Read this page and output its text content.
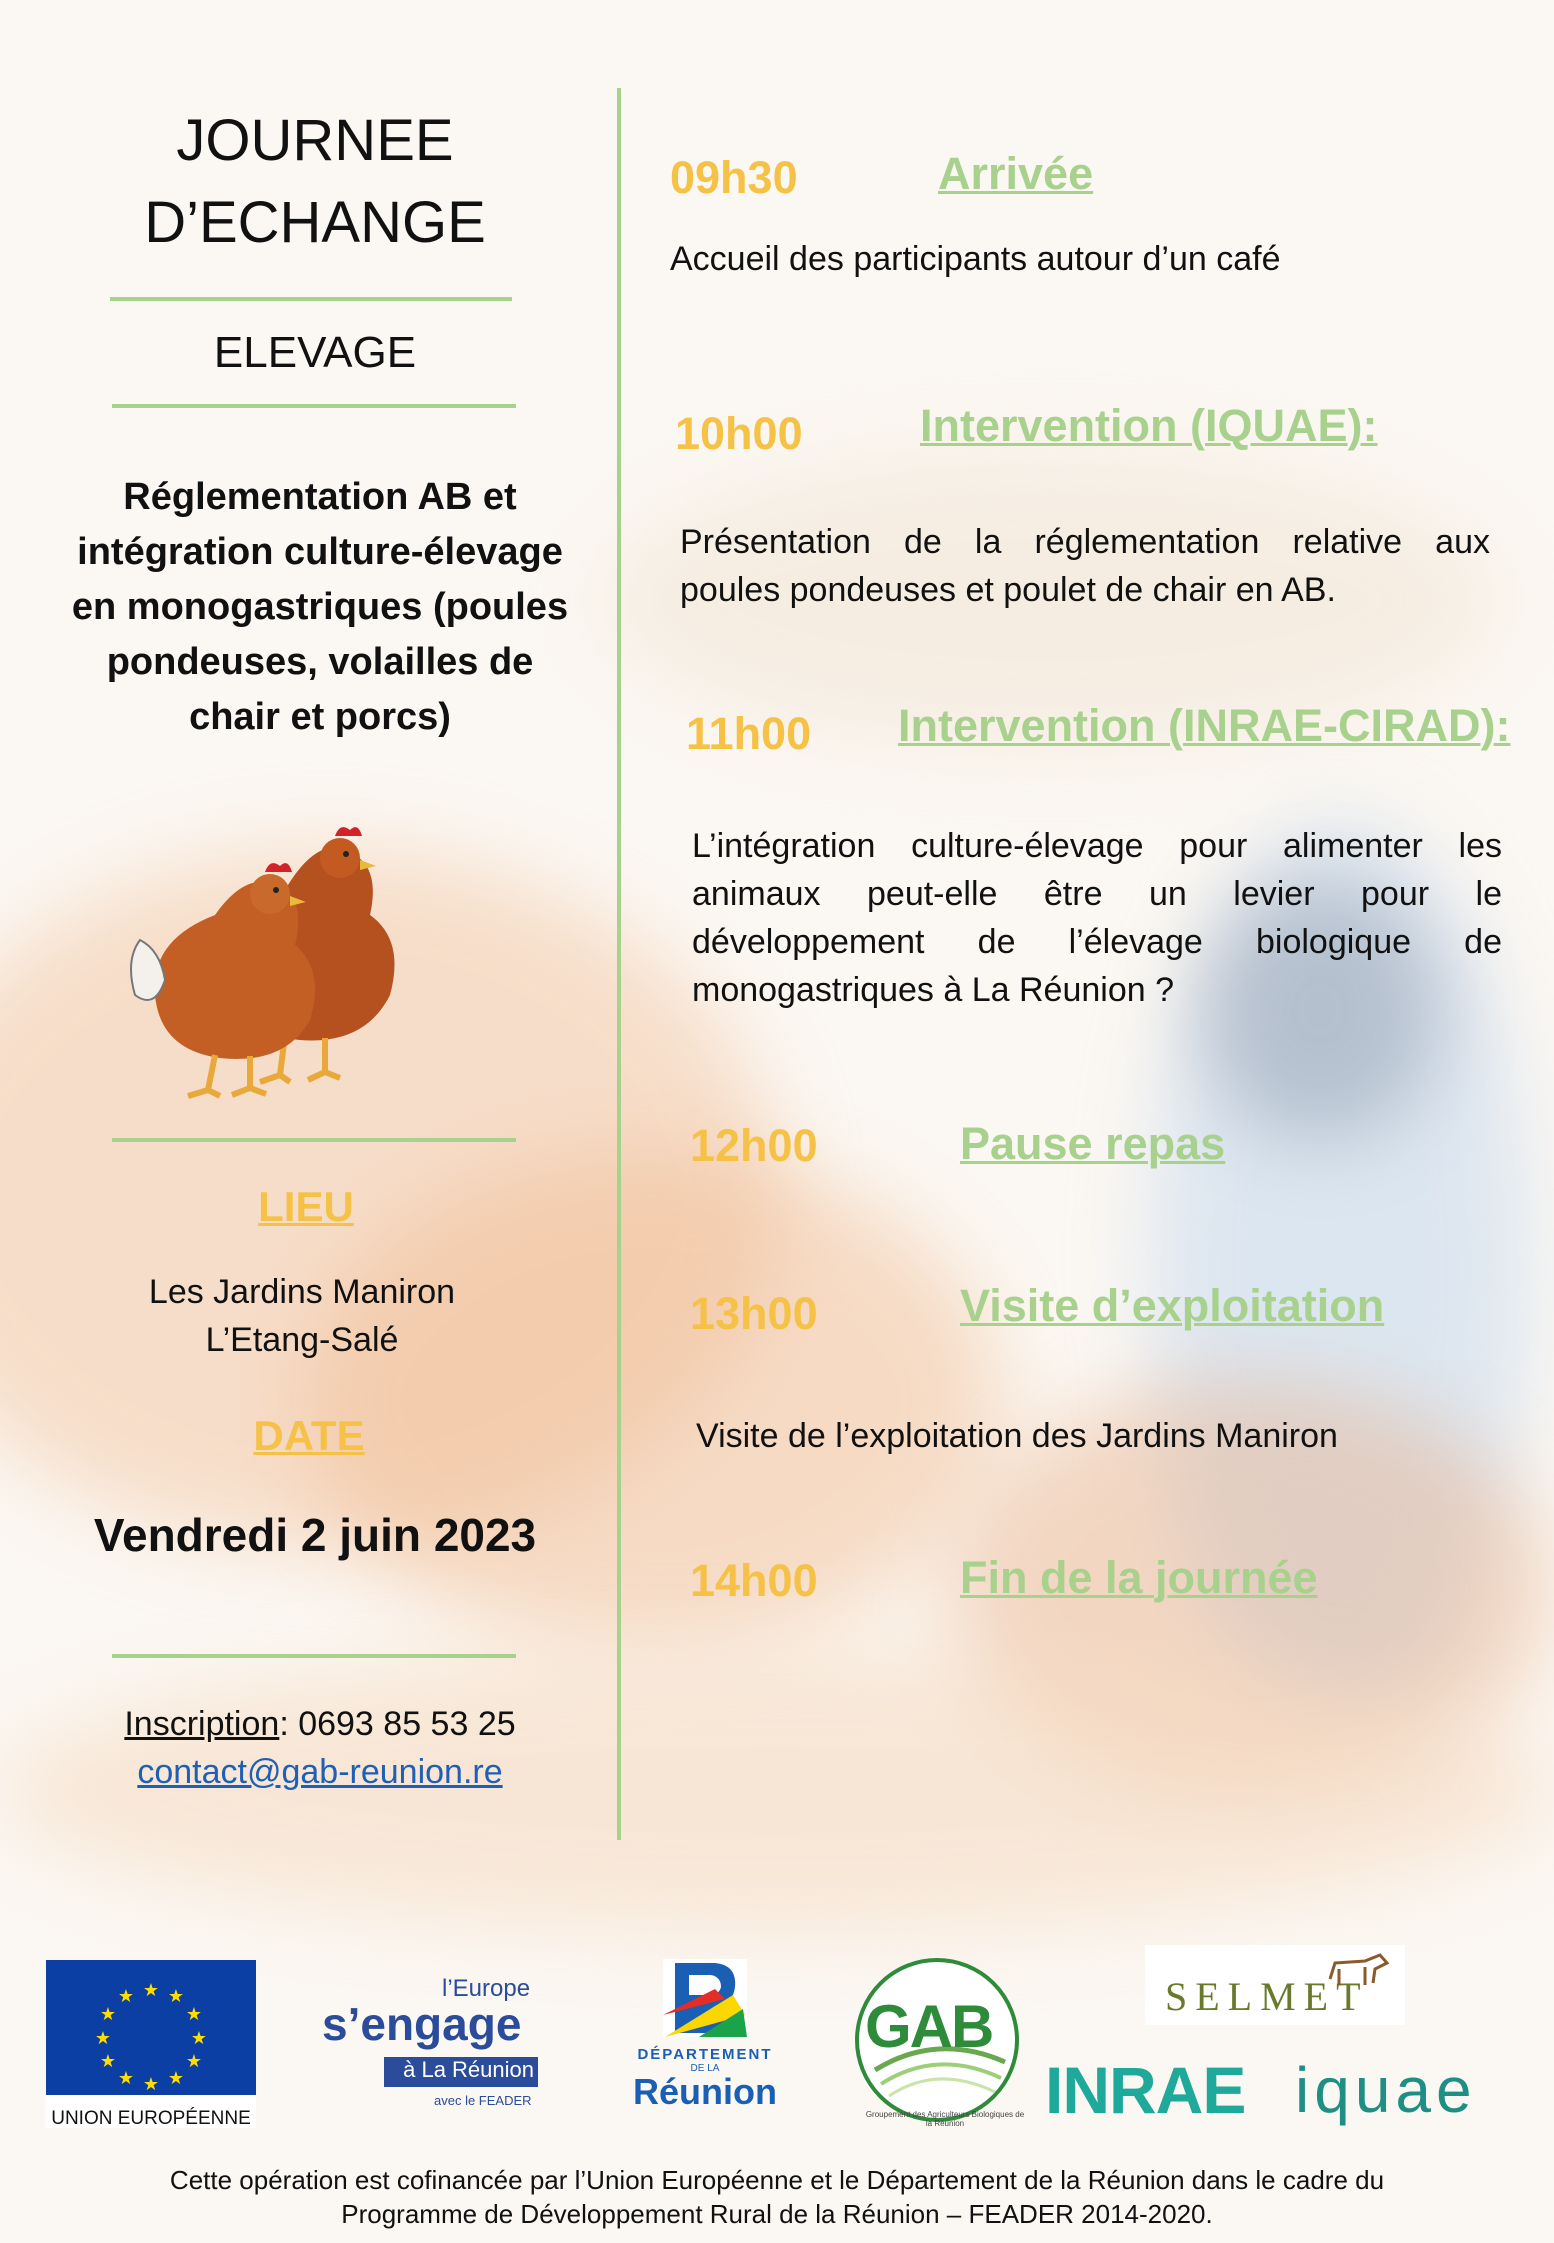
JOURNEE
D’ECHANGE
ELEVAGE
Réglementation AB et
intégration culture-élevage
en monogastriques (poules
pondeuses, volailles de
chair et porcs)
LIEU
Les Jardins Maniron
L’Etang-Salé
DATE
Vendredi 2 juin 2023
Inscription: 0693 85 53 25
contact@gab-reunion.re
09h30	Arrivée
Accueil des participants autour d’un café
10h00	Intervention (IQUAE):
Présentation de la réglementation relative aux
poules pondeuses et poulet de chair en AB.
11h00 Intervention (INRAE-CIRAD):
L’intégration culture-élevage pour alimenter les
animaux peut-elle être un levier pour le
développement de l’élevage biologique de
monogastriques à La Réunion ?
12h00	Pause repas
13h00	Visite d’exploitation
Visite de l’exploitation des Jardins Maniron
14h00	Fin de la journée
★ ★
★
★
★
★
★
★
★
★
★
★
UNION EUROPÉENNE
l’Europe
s’engage
à La Réunion
avec le FEADER
DÉPARTEMENT
DE LA
Réunion
GAB
Groupement des Agriculteurs Biologiques de la Réunion
SELMET
INRAE iquae
Cette opération est cofinancée par l’Union Européenne et le Département de la Réunion dans le cadre du
Programme de Développement Rural de la Réunion – FEADER 2014-2020.
